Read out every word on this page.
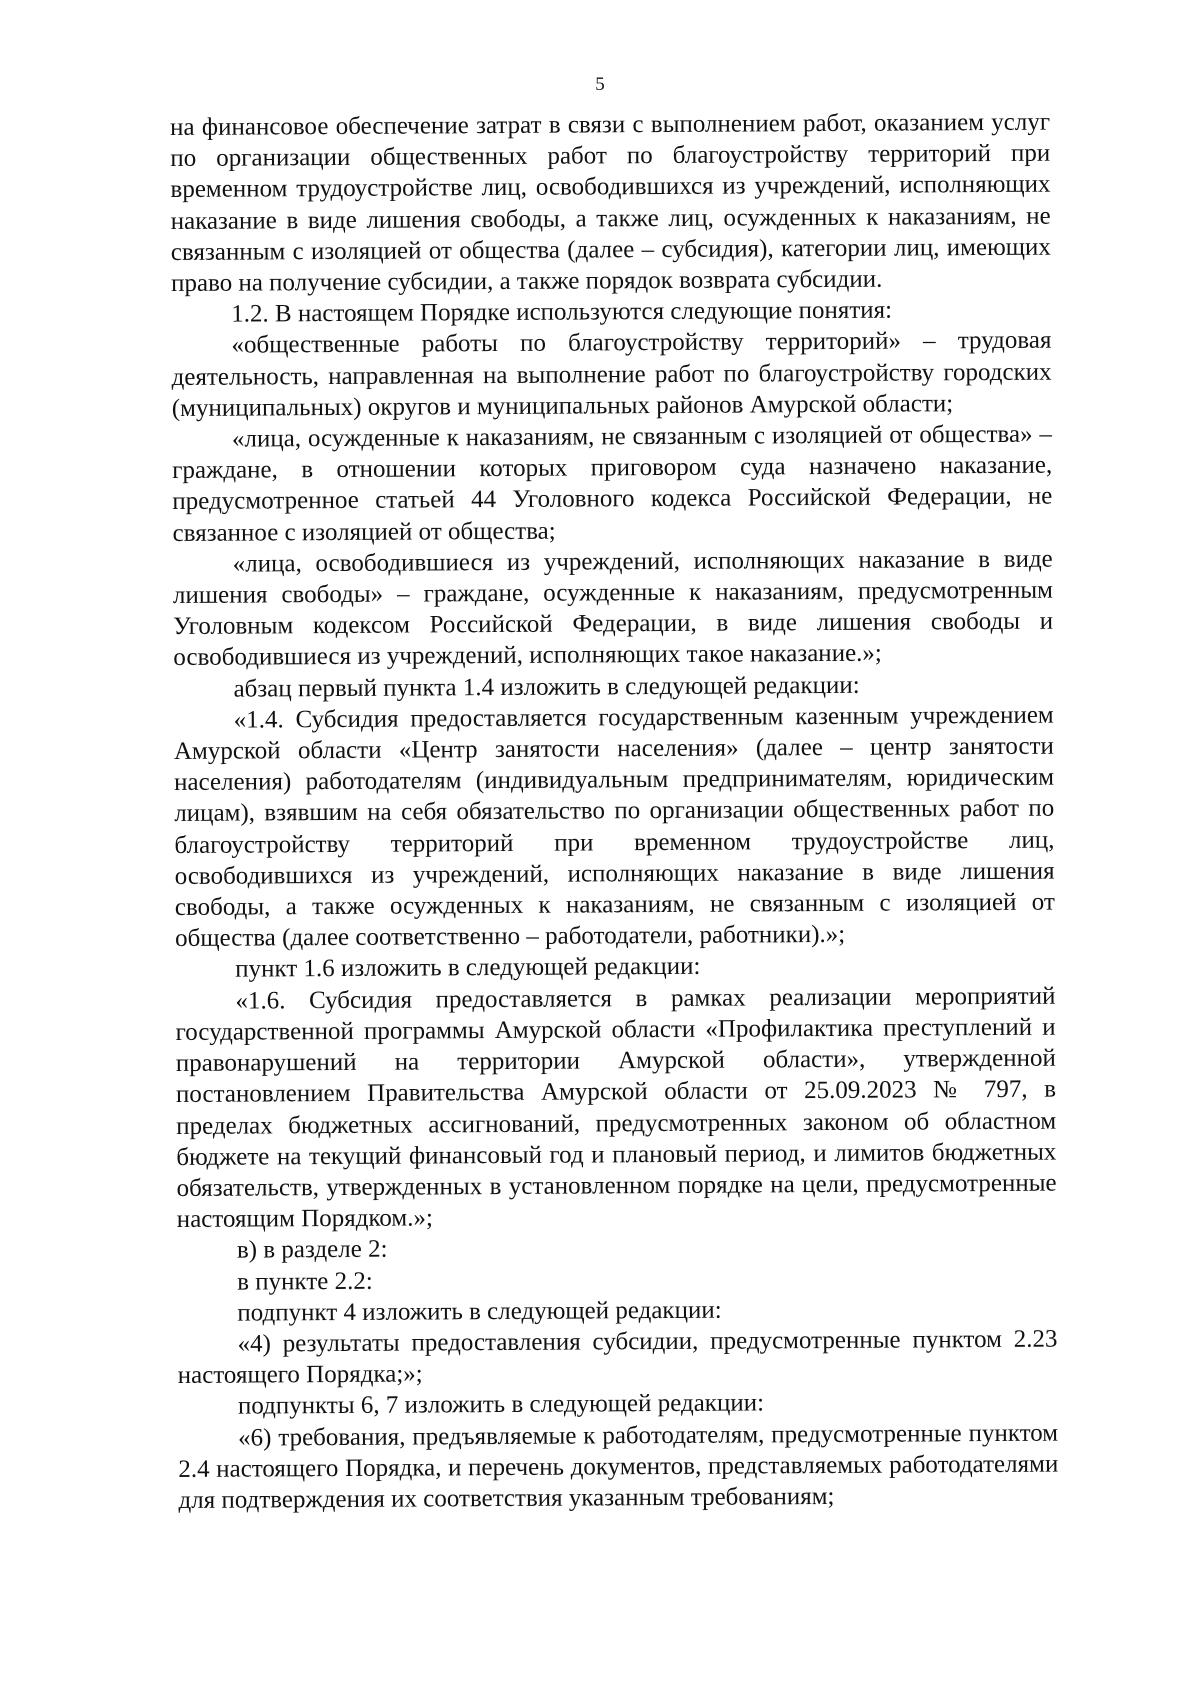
5

на финансовое обеспечение затрат в связи с выполнением работ, оказанием услуг по организации общественных работ по благоустройству территорий при временном трудоустройстве лиц, освободившихся из учреждений, исполняющих наказание в виде лишения свободы, а также лиц, осужденных к наказаниям, не связанным с изоляцией от общества (далее – субсидия), категории лиц, имеющих право на получение субсидии, а также порядок возврата субсидии.

1.2. В настоящем Порядке используются следующие понятия:

«общественные работы по благоустройству территорий» – трудовая деятельность, направленная на выполнение работ по благоустройству городских (муниципальных) округов и муниципальных районов Амурской области;

«лица, осужденные к наказаниям, не связанным с изоляцией от общества» – граждане, в отношении которых приговором суда назначено наказание, предусмотренное статьей 44 Уголовного кодекса Российской Федерации, не связанное с изоляцией от общества;

«лица, освободившиеся из учреждений, исполняющих наказание в виде лишения свободы» – граждане, осужденные к наказаниям, предусмотренным Уголовным кодексом Российской Федерации, в виде лишения свободы и освободившиеся из учреждений, исполняющих такое наказание.»;

абзац первый пункта 1.4 изложить в следующей редакции:

«1.4. Субсидия предоставляется государственным казенным учреждением Амурской области «Центр занятости населения» (далее – центр занятости населения) работодателям (индивидуальным предпринимателям, юридическим лицам), взявшим на себя обязательство по организации общественных работ по благоустройству территорий при временном трудоустройстве лиц, освободившихся из учреждений, исполняющих наказание в виде лишения свободы, а также осужденных к наказаниям, не связанным с изоляцией от общества (далее соответственно – работодатели, работники).»;

пункт 1.6 изложить в следующей редакции:

«1.6. Субсидия предоставляется в рамках реализации мероприятий государственной программы Амурской области «Профилактика преступлений и правонарушений на территории Амурской области», утвержденной постановлением Правительства Амурской области от 25.09.2023 № 797, в пределах бюджетных ассигнований, предусмотренных законом об областном бюджете на текущий финансовый год и плановый период, и лимитов бюджетных обязательств, утвержденных в установленном порядке на цели, предусмотренные настоящим Порядком.»;

в) в разделе 2:

в пункте 2.2:

подпункт 4 изложить в следующей редакции:

«4) результаты предоставления субсидии, предусмотренные пунктом 2.23 настоящего Порядка;»;

подпункты 6, 7 изложить в следующей редакции:

«6) требования, предъявляемые к работодателям, предусмотренные пунктом 2.4 настоящего Порядка, и перечень документов, представляемых работодателями для подтверждения их соответствия указанным требованиям;
